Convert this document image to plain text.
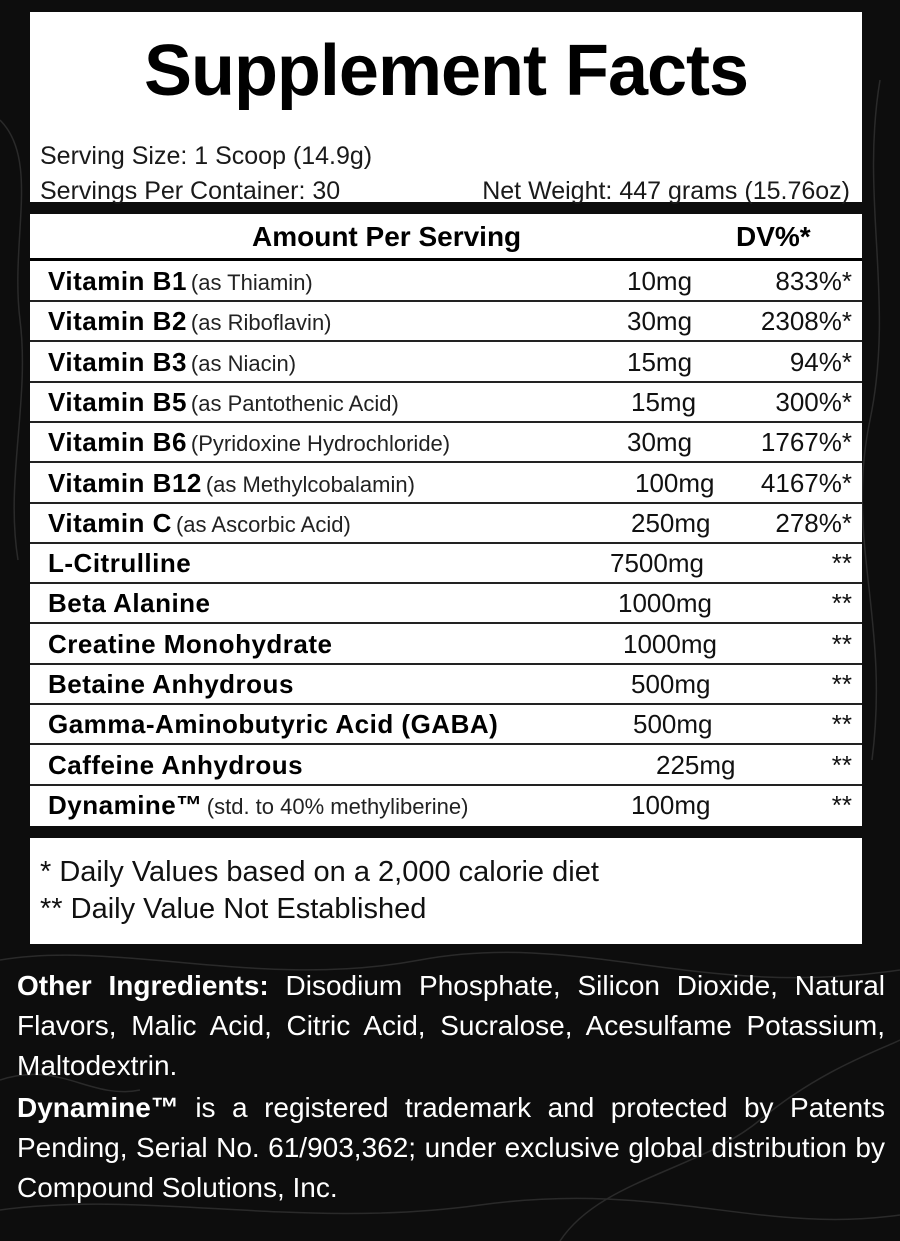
Supplement Facts
Serving Size: 1 Scoop (14.9g)
Servings Per Container: 30	Net Weight: 447 grams (15.76oz)
Amount Per Serving	DV%*
Vitamin B1 (as Thiamin)	10mg	833%*
Vitamin B2 (as Riboflavin)	30mg	2308%*
Vitamin B3 (as Niacin)	15mg	94%*
Vitamin B5 (as Pantothenic Acid)	15mg	300%*
Vitamin B6 (Pyridoxine Hydrochloride)	30mg	1767%*
Vitamin B12 (as Methylcobalamin)	100mg 4167%*
Vitamin C (as Ascorbic Acid)	250mg 278%*
L-Citrulline	7500mg	**
Beta Alanine	1000mg	**
Creatine Monohydrate	1000mg	**
Betaine Anhydrous	500mg	**
Gamma-Aminobutyric Acid (GABA)	500mg	**
Caffeine Anhydrous	225mg	**
Dynamine™ (std. to 40% methyliberine)	100mg	**
* Daily Values based on a 2,000 calorie diet
** Daily Value Not Established
Other Ingredients: Disodium Phosphate, Silicon Dioxide, Natural Flavors, Malic Acid, Citric Acid, Sucralose, Acesulfame Potassium, Maltodextrin.
Dynamine™ is a registered trademark and protected by Patents Pending, Serial No. 61/903,362; under exclusive global distribution by Compound Solutions, Inc.
